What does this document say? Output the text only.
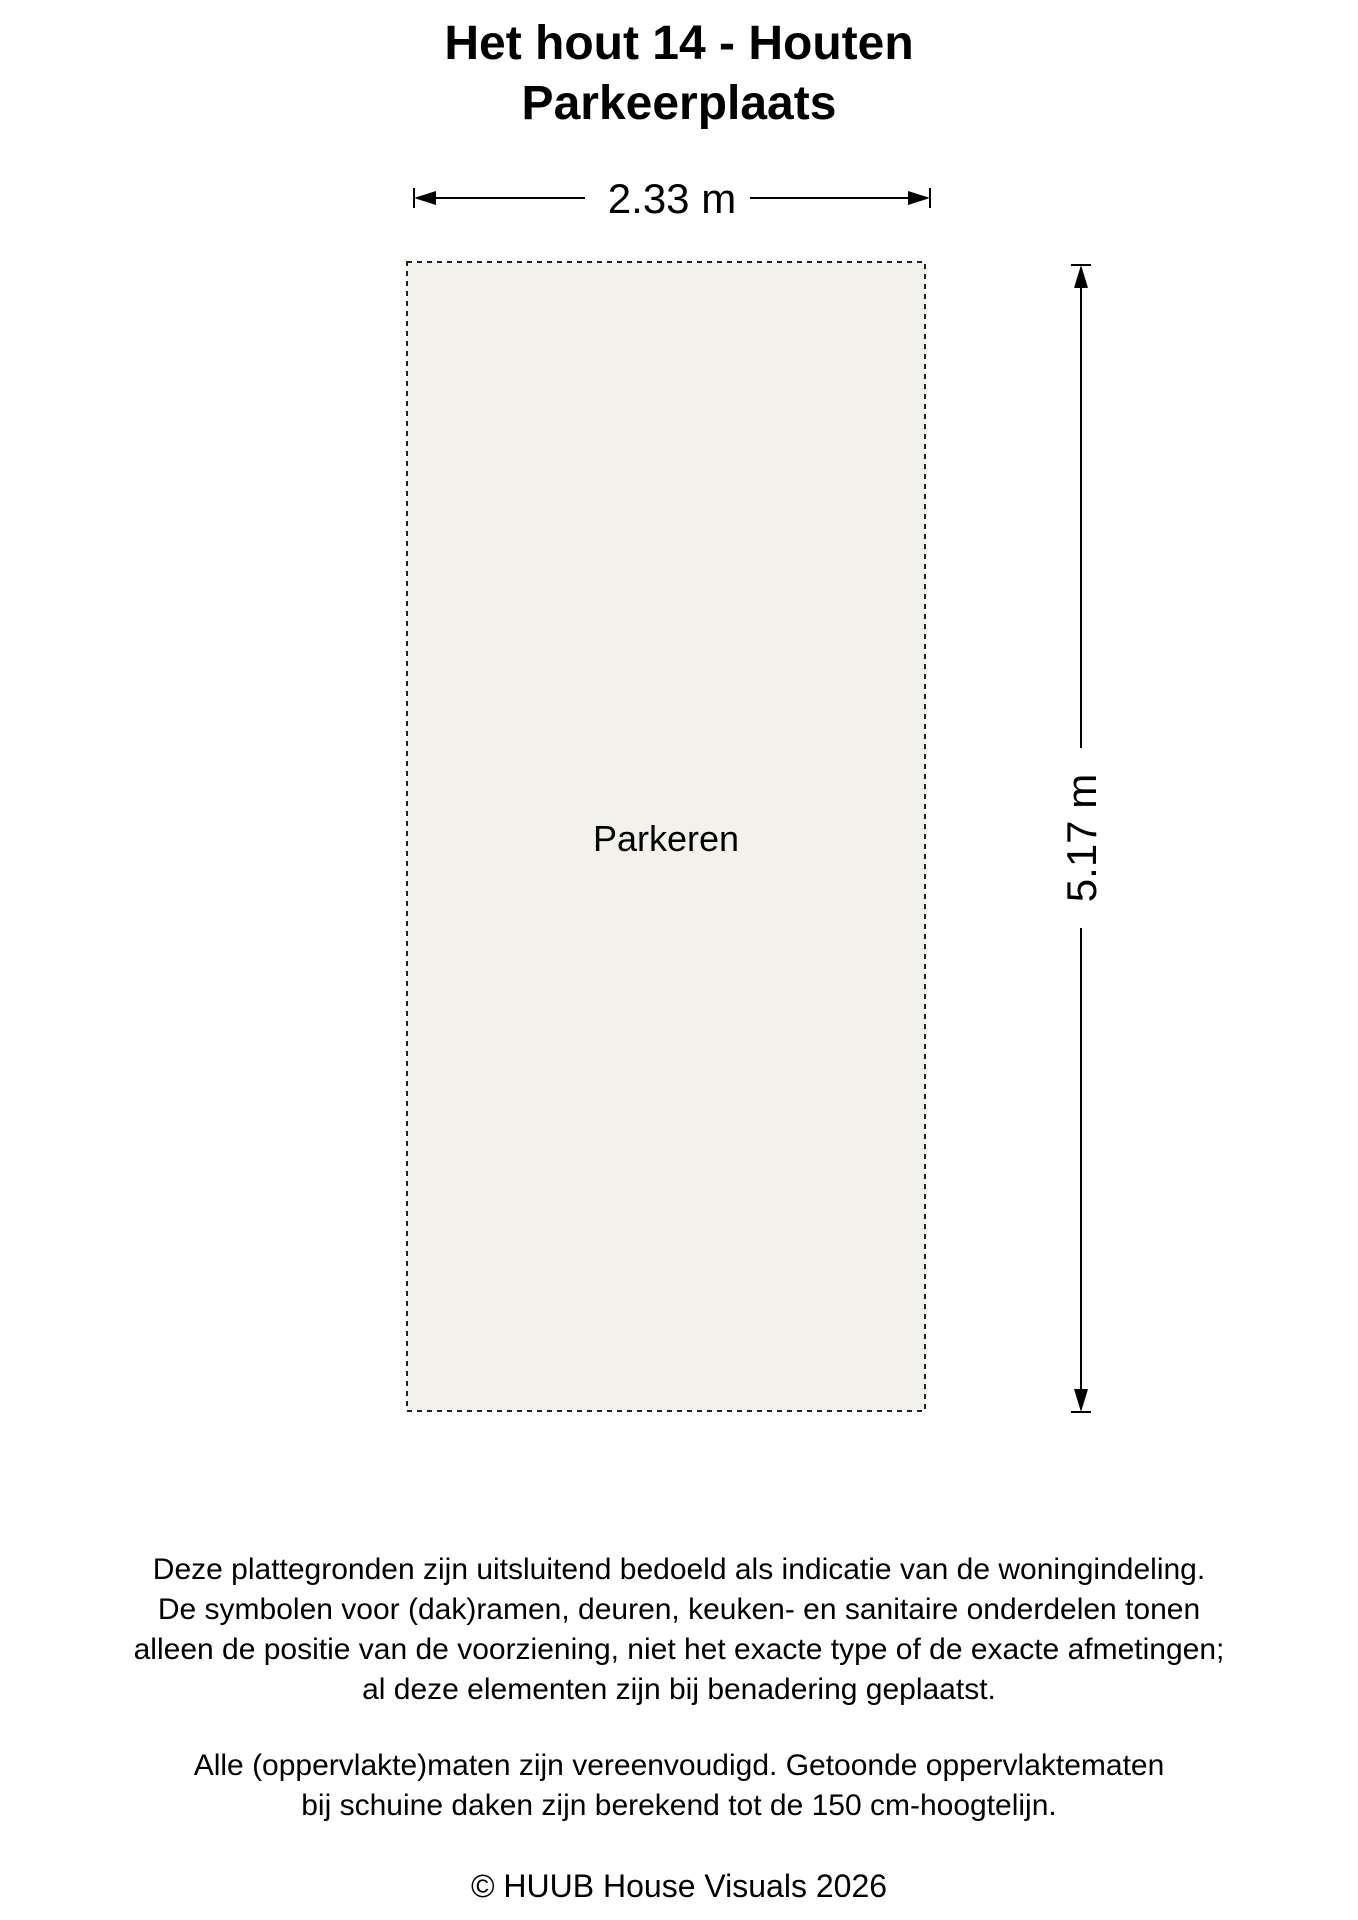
Het hout 14 - Houten
Parkeerplaats
2.33 m
Parkeren	5.17 m
Deze plattegronden zijn uitsluitend bedoeld als indicatie van de woningindeling.
De symbolen voor (dak)ramen, deuren, keuken- en sanitaire onderdelen tonen
alleen de positie van de voorziening, niet het exacte type of de exacte afmetingen;
al deze elementen zijn bij benadering geplaatst.
Alle (oppervlakte)maten zijn vereenvoudigd. Getoonde oppervlaktematen
bij schuine daken zijn berekend tot de 150 cm-hoogtelijn.
© HUUB House Visuals 2026
